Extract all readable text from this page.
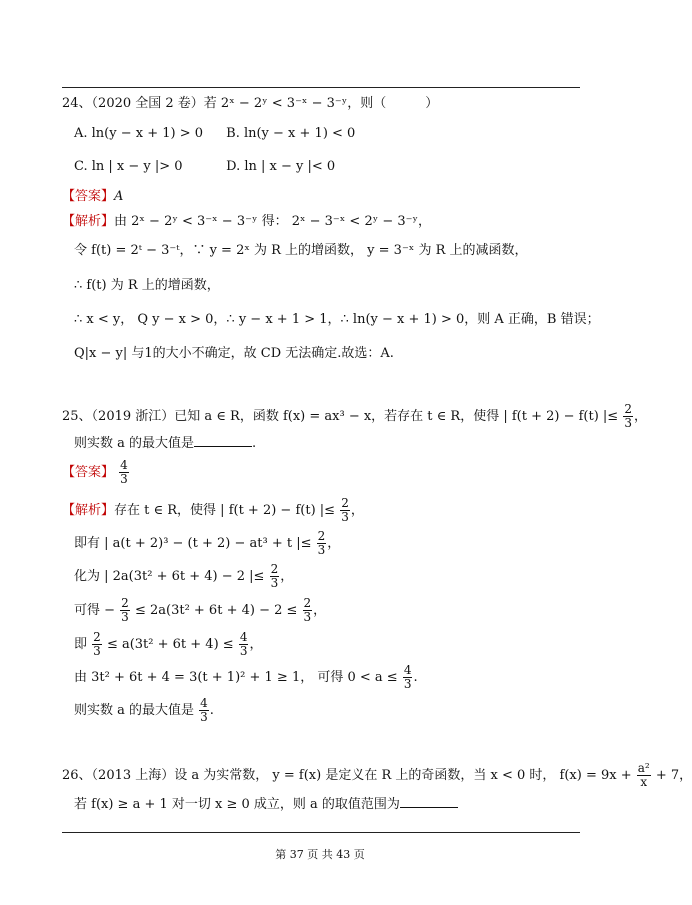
24、（2020 全国 2 卷）若 2ˣ − 2ʸ < 3⁻ˣ − 3⁻ʸ，则（　　　）
A. ln(y − x + 1) > 0 B. ln(y − x + 1) < 0
C. ln | x − y |> 0	D. ln | x − y |< 0
【答案】A
【解析】由 2ˣ − 2ʸ < 3⁻ˣ − 3⁻ʸ 得： 2ˣ − 3⁻ˣ < 2ʸ − 3⁻ʸ，
令 f(t) = 2ᵗ − 3⁻ᵗ，∵ y = 2ˣ 为 R 上的增函数， y = 3⁻ˣ 为 R 上的减函数，
∴ f(t) 为 R 上的增函数，
∴ x < y， Q y − x > 0，∴ y − x + 1 > 1，∴ ln(y − x + 1) > 0，则 A 正确，B 错误；
Q|x − y| 与1的大小不确定，故 CD 无法确定.故选：A.
25、（2019 浙江）已知 a ∈ R，函数 f(x) = ax³ − x，若存在 t ∈ R，使得 | f(t + 2) − f(t) |≤ $\frac{2}{3}$ ，
则实数 a 的最大值是	.
【答案】 $\frac{4}{3}$
【解析】存在 t ∈ R，使得 | f(t + 2) − f(t) |≤ $\frac{2}{3}$ ，
即有 | a(t + 2)³ − (t + 2) − at³ + t |≤ $\frac{2}{3}$ ，
化为 | 2a(3t² + 6t + 4) − 2 |≤ $\frac{2}{3}$ ，
可得 − $\frac{2}{3} \le 2a(3t^2 + 6t + 4) - 2 \le \frac{2}{3}$ ，
即 $\frac{2}{3} \le a(3t^2 + 6t + 4) \le \frac{4}{3}$ ，
由 3t² + 6t + 4 = 3(t + 1)² + 1 ≥ 1， 可得 $0 < a \le \frac{4}{3}$ .
则实数 a 的最大值是 $\frac{4}{3}$ .
26、（2013 上海）设 a 为实常数， y = f(x) 是定义在 R 上的奇函数，当 x < 0 时， $f(x) = 9x + \frac{\text{a²}}{x} + 7$，
若 f(x) ≥ a + 1 对一切 x ≥ 0 成立，则 a 的取值范围为
第 37 页 共 43 页
